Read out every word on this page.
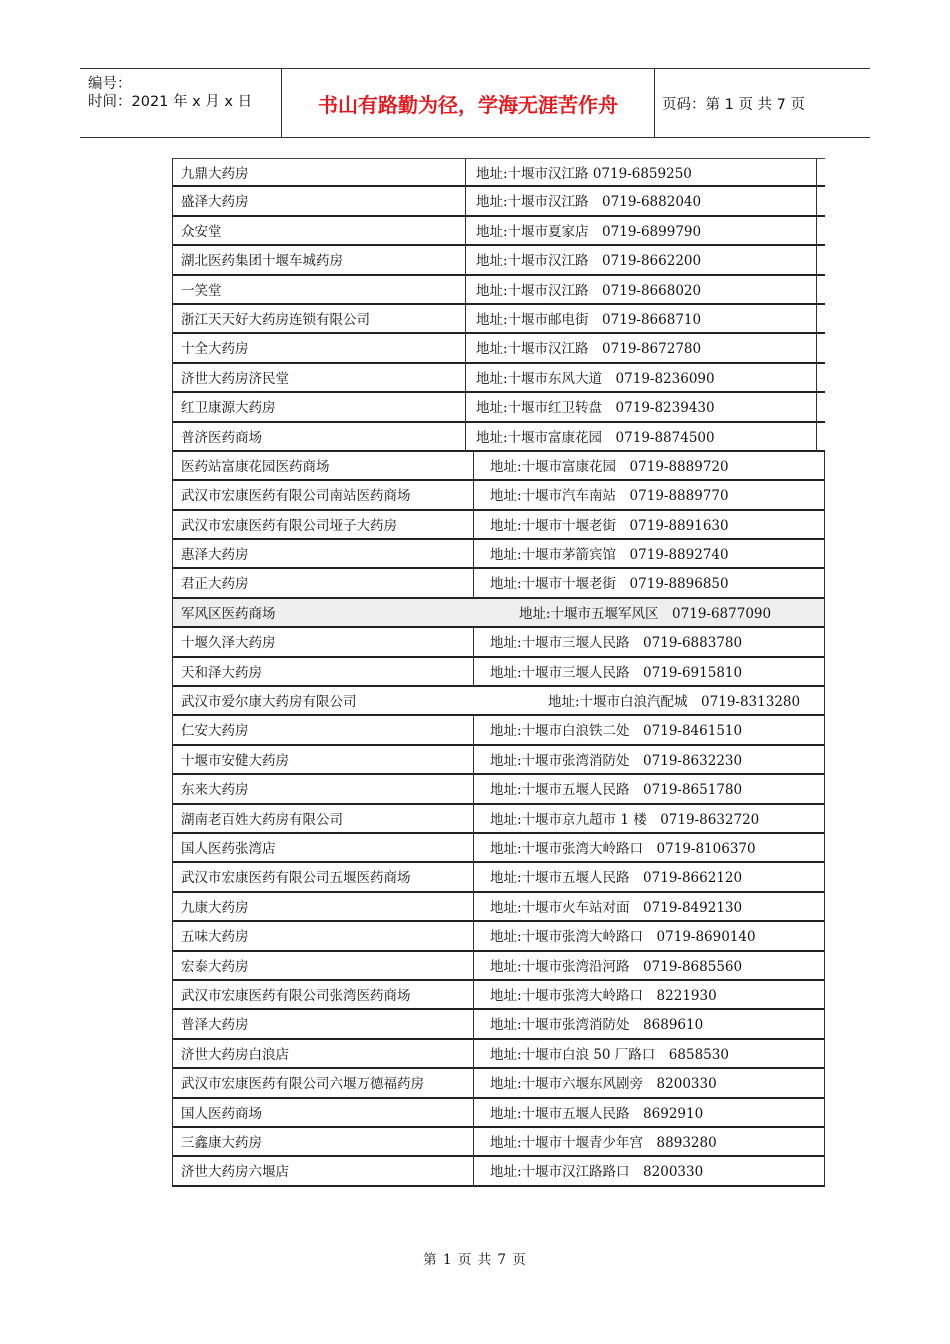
编号：
时间：2021 年 x 月 x 日	书山有路勤为径，学海无涯苦作舟	页码：第 1 页 共 7 页
九鼎大药房	地址:十堰市汉江路 0719-6859250
盛泽大药房	地址:十堰市汉江路　0719-6882040
众安堂	地址:十堰市夏家店　0719-6899790
湖北医药集团十堰车城药房	地址:十堰市汉江路　0719-8662200
一笑堂	地址:十堰市汉江路　0719-8668020
浙江天天好大药房连锁有限公司	地址:十堰市邮电街　0719-8668710
十全大药房	地址:十堰市汉江路　0719-8672780
济世大药房济民堂	地址:十堰市东风大道　0719-8236090
红卫康源大药房	地址:十堰市红卫转盘　0719-8239430
普济医药商场	地址:十堰市富康花园　0719-8874500
医药站富康花园医药商场	地址:十堰市富康花园　0719-8889720
武汉市宏康医药有限公司南站医药商场	地址:十堰市汽车南站　0719-8889770
武汉市宏康医药有限公司垭子大药房	地址:十堰市十堰老街　0719-8891630
惠泽大药房	地址:十堰市茅箭宾馆　0719-8892740
君正大药房	地址:十堰市十堰老街　0719-8896850
军风区医药商场	地址:十堰市五堰军风区　0719-6877090
十堰久泽大药房	地址:十堰市三堰人民路　0719-6883780
天和泽大药房	地址:十堰市三堰人民路　0719-6915810
武汉市爱尔康大药房有限公司	地址:十堰市白浪汽配城　0719-8313280
仁安大药房	地址:十堰市白浪铁二处　0719-8461510
十堰市安健大药房	地址:十堰市张湾消防处　0719-8632230
东来大药房	地址:十堰市五堰人民路　0719-8651780
湖南老百姓大药房有限公司	地址:十堰市京九超市 1 楼　0719-8632720
国人医药张湾店	地址:十堰市张湾大岭路口　0719-8106370
武汉市宏康医药有限公司五堰医药商场	地址:十堰市五堰人民路　0719-8662120
九康大药房	地址:十堰市火车站对面　0719-8492130
五味大药房	地址:十堰市张湾大岭路口　0719-8690140
宏泰大药房	地址:十堰市张湾沿河路　0719-8685560
武汉市宏康医药有限公司张湾医药商场	地址:十堰市张湾大岭路口　8221930
普泽大药房	地址:十堰市张湾消防处　8689610
济世大药房白浪店	地址:十堰市白浪 50 厂路口　6858530
武汉市宏康医药有限公司六堰万德福药房	地址:十堰市六堰东风剧旁　8200330
国人医药商场	地址:十堰市五堰人民路　8692910
三鑫康大药房	地址:十堰市十堰青少年宫　8893280
济世大药房六堰店	地址:十堰市汉江路路口　8200330
第 1 页 共 7 页
